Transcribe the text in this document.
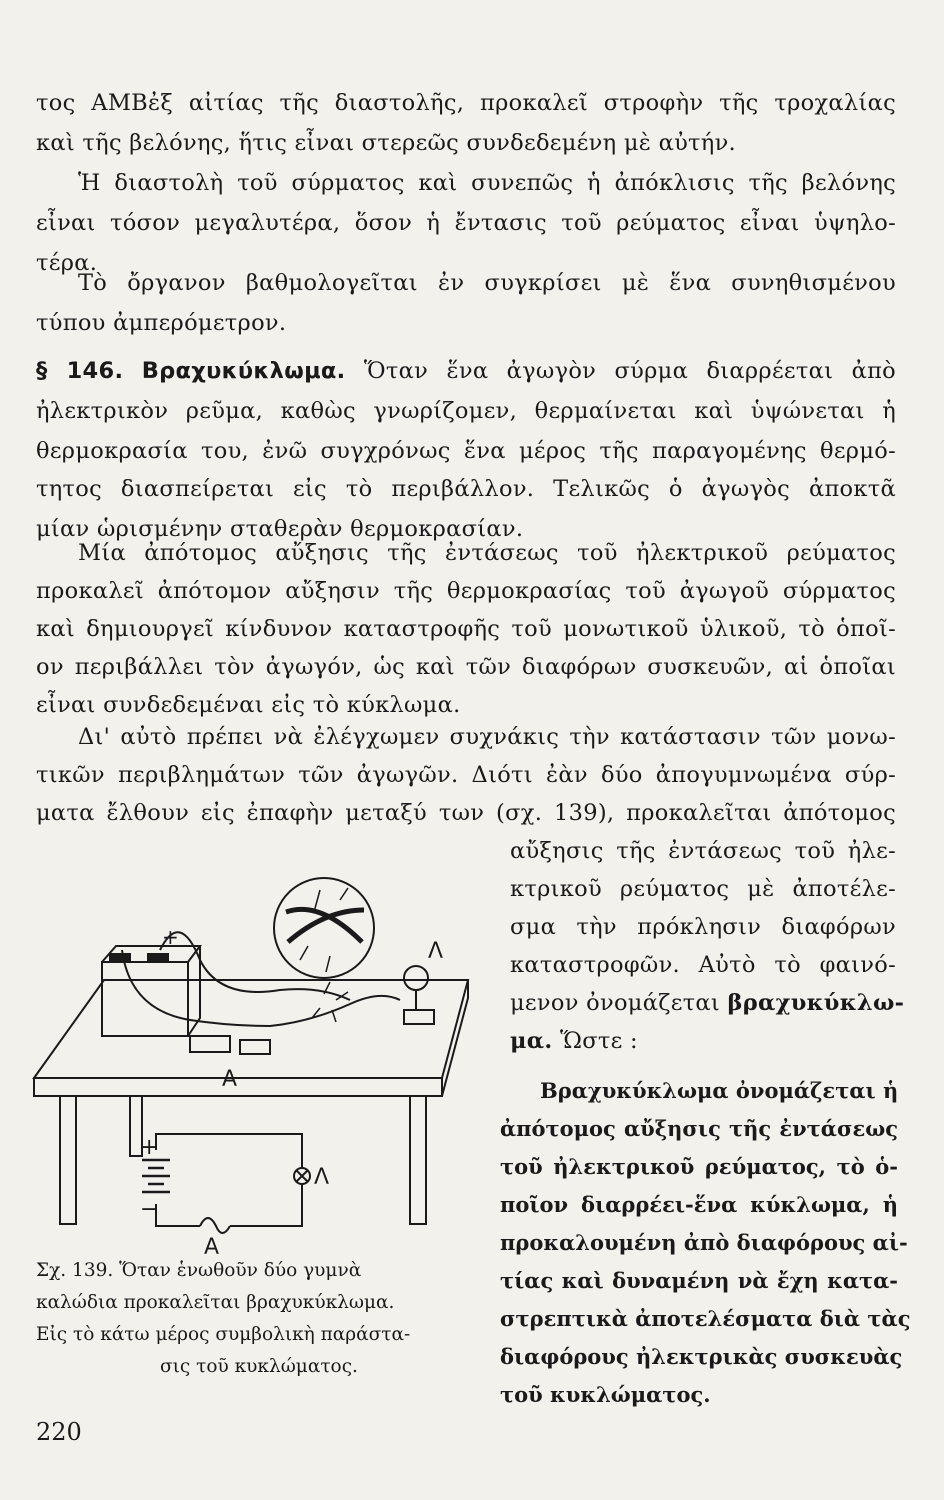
τος ΑΜΒἐξ αἰτίας τῆς διαστολῆς, προκαλεῖ στροφὴν τῆς τροχαλίας
καὶ τῆς βελόνης, ἥτις εἶναι στερεῶς συνδεδεμένη μὲ αὐτήν.
Ἡ διαστολὴ τοῦ σύρματος καὶ συνεπῶς ἡ ἀπόκλισις τῆς βελόνης
εἶναι τόσον μεγαλυτέρα, ὅσον ἡ ἔντασις τοῦ ρεύματος εἶναι ὑψηλο-
τέρα.
Τὸ ὄργανον βαθμολογεῖται ἐν συγκρίσει μὲ ἕνα συνηθισμένου
τύπου ἀμπερόμετρον.
§ 146. Βραχυκύκλωμα. Ὅταν ἕνα ἀγωγὸν σύρμα διαρρέεται ἀπὸ
ἠλεκτρικὸν ρεῦμα, καθὼς γνωρίζομεν, θερμαίνεται καὶ ὑψώνεται ἡ
θερμοκρασία του, ἐνῶ συγχρόνως ἕνα μέρος τῆς παραγομένης θερμό-
τητος διασπείρεται εἰς τὸ περιβάλλον. Τελικῶς ὁ ἀγωγὸς ἀποκτᾶ
μίαν ὡρισμένην σταθερὰν θερμοκρασίαν.
Μία ἀπότομος αὔξησις τῆς ἐντάσεως τοῦ ἠλεκτρικοῦ ρεύματος
προκαλεῖ ἀπότομον αὔξησιν τῆς θερμοκρασίας τοῦ ἀγωγοῦ σύρματος
καὶ δημιουργεῖ κίνδυνον καταστροφῆς τοῦ μονωτικοῦ ὑλικοῦ, τὸ ὁποῖ-
ον περιβάλλει τὸν ἀγωγόν, ὡς καὶ τῶν διαφόρων συσκευῶν, αἱ ὁποῖαι
εἶναι συνδεδεμέναι εἰς τὸ κύκλωμα.
Δι' αὐτὸ πρέπει νὰ ἐλέγχωμεν συχνάκις τὴν κατάστασιν τῶν μονω-
τικῶν περιβλημάτων τῶν ἀγωγῶν. Διότι ἐὰν δύο ἀπογυμνωμένα σύρ-
ματα ἔλθουν εἰς ἐπαφὴν μεταξύ των (σχ. 139), προκαλεῖται ἀπότομος
αὔξησις τῆς ἐντάσεως τοῦ ἠλε-
κτρικοῦ ρεύματος μὲ ἀποτέλε-
σμα τὴν πρόκλησιν διαφόρων
καταστροφῶν. Αὐτὸ τὸ φαινό-
μενον ὀνομάζεται βραχυκύκλω-
μα. Ὥστε :
Βραχυκύκλωμα ὀνομάζεται ἡ
ἀπότομος αὔξησις τῆς ἐντάσεως
τοῦ ἠλεκτρικοῦ ρεύματος, τὸ ὁ-
ποῖον διαρρέει-ἕνα κύκλωμα, ἡ
προκαλουμένη ἀπὸ διαφόρους αἰ-
τίας καὶ δυναμένη νὰ ἔχη κατα-
στρεπτικὰ ἀποτελέσματα διὰ τὰς
διαφόρους ἠλεκτρικὰς συσκευὰς
τοῦ κυκλώματος.
Λ
Α
+
−
Λ
Α
+
Σχ. 139. Ὅταν ἑνωθοῦν δύο γυμνὰ
καλώδια προκαλεῖται βραχυκύκλωμα.
Εἰς τὸ κάτω μέρος συμβολικὴ παράστα-
σις τοῦ κυκλώματος.
220
